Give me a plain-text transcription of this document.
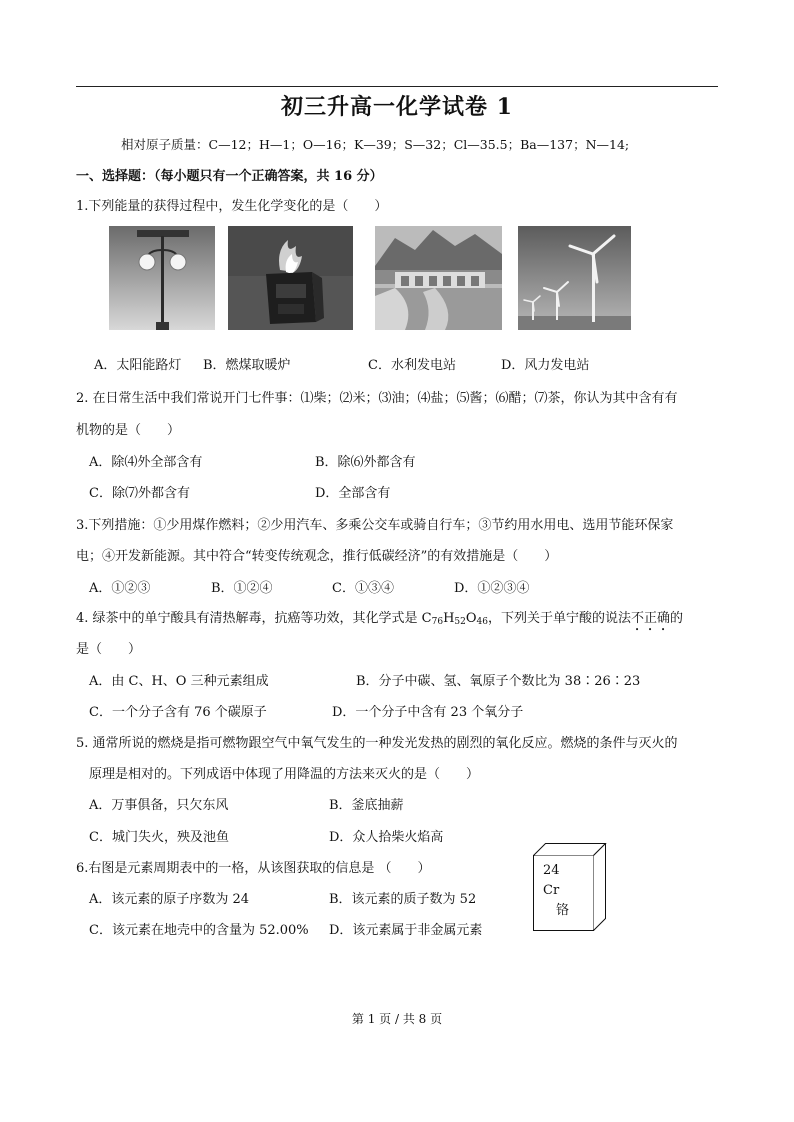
初三升高一化学试卷 1
相对原子质量：C—12；H—1；O—16；K—39；S—32；Cl—35.5；Ba—137；N—14;
一、选择题：（每小题只有一个正确答案，共 16 分）
1.下列能量的获得过程中，发生化学变化的是（　　）
A．太阳能路灯 B．燃煤取暖炉	C．水利发电站	D．风力发电站
2. 在日常生活中我们常说开门七件事：⑴柴；⑵米；⑶油；⑷盐；⑸酱；⑹醋；⑺茶，你认为其中含有有
机物的是（　　）
A．除⑷外全部含有	B．除⑹外都含有
C．除⑺外都含有	D．全部含有
3.下列措施：①少用煤作燃料；②少用汽车、多乘公交车或骑自行车；③节约用水用电、选用节能环保家
电；④开发新能源。其中符合“转变传统观念，推行低碳经济”的有效措施是（　　）
A．①②③	B．①②④	C．①③④	D．①②③④
4. 绿茶中的单宁酸具有清热解毒，抗癌等功效，其化学式是 $C_{76}H_{52}O_{46}$，下列关于单宁酸的说法不正确的
是（　　）
A．由 C、H、O 三种元素组成	B．分子中碳、氢、氧原子个数比为 38∶26∶23
C．一个分子含有 76 个碳原子	D．一个分子中含有 23 个氧分子
5. 通常所说的燃烧是指可燃物跟空气中氧气发生的一种发光发热的剧烈的氧化反应。燃烧的条件与灭火的
原理是相对的。下列成语中体现了用降温的方法来灭火的是（　　）
A．万事俱备，只欠东风	B．釜底抽薪
C．城门失火，殃及池鱼	D．众人拾柴火焰高
6.右图是元素周期表中的一格，从该图获取的信息是 （　　）
A．该元素的原子序数为 24	B．该元素的质子数为 52
C．该元素在地壳中的含量为 52.00% D．该元素属于非金属元素
24
Cr
铬
第 1 页 / 共 8 页
